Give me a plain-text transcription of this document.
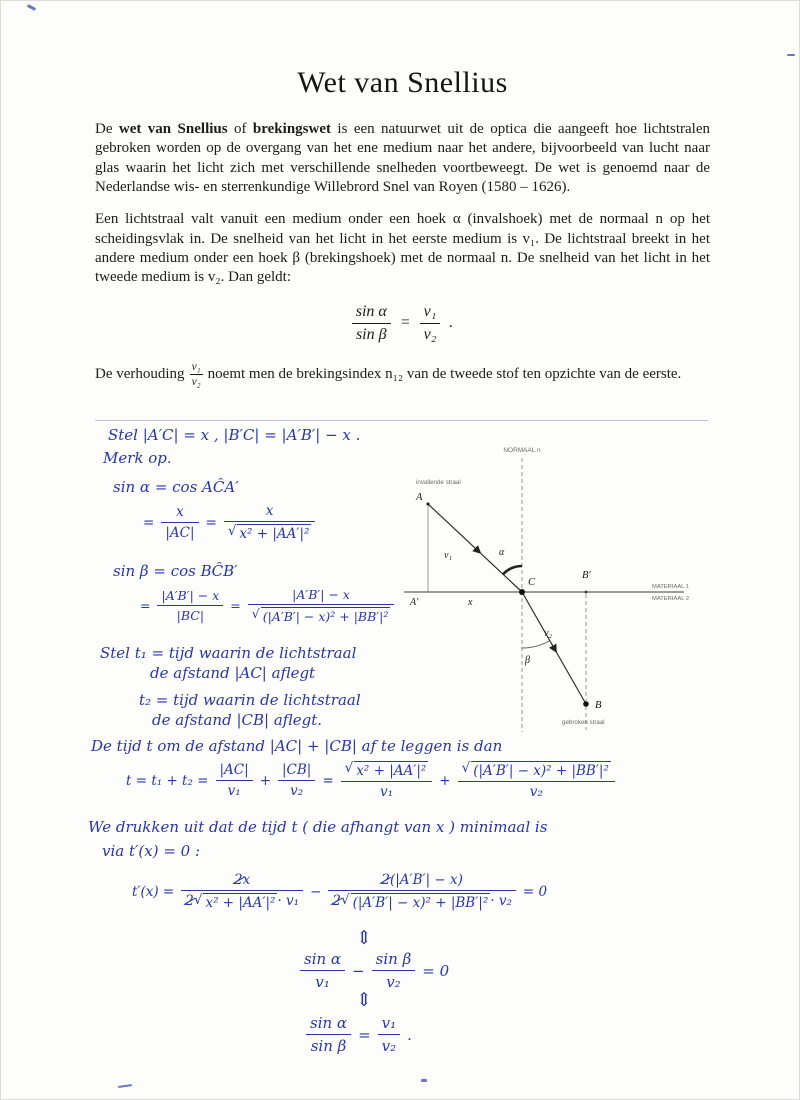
Wet van Snellius

De wet van Snellius of brekingswet is een natuurwet uit de optica die aangeeft hoe lichtstralen gebroken worden op de overgang van het ene medium naar het andere, bijvoorbeeld van lucht naar glas waarin het licht zich met verschillende snelheden voortbeweegt. De wet is genoemd naar de Nederlandse wis- en sterrenkundige Willebrord Snel van Royen (1580 – 1626).

Een lichtstraal valt vanuit een medium onder een hoek α (invalshoek) met de normaal n op het scheidingsvlak in. De snelheid van het licht in het eerste medium is v₁. De lichtstraal breekt in het andere medium onder een hoek β (brekingshoek) met de normaal n. De snelheid van het licht in het tweede medium is v₂. Dan geldt:

$\frac{\text{sin α}}{\text{sin β}} = \frac{\text{v₁}}{\text{v₂}}$ .
De verhouding $\frac{\text{v₁}}{\text{v₂}}$ noemt men de brekingsindex n₁₂ van de tweede stof ten opzichte van de eerste.
Stel |A′C| = x , |B′C| = |A′B′| − x .
Merk op.
sin α = cos AĈA′
= $\frac{x}{|AC|} = x$
√ x² + |AA′|²
sin β = cos BĈB′
= $\frac{|A'B'| - x}{|BC|} = |A'B'| - x$
√ (|A′B′| − x)² + |BB′|²
Stel t₁ = tijd waarin de lichtstraal
de afstand |AC| aflegt
t₂ = tijd waarin de lichtstraal
de afstand |CB| aflegt.
De tijd t om de afstand |AC| + |CB| af te leggen is dan
$t = t_1 + t_2 = \frac{|AC|}{\text{v₁}} + \frac{|CB|}{\text{v₂}}$ = √ $\frac{\text{x² + |AA′|²}}{\text{v₁}}$ + √ $\frac{\text{(|A′B′| − x)² + |BB′|²}}{\text{v₂}}$
We drukken uit dat de tijd t ( die afhangt van x ) minimaal is
via t′(x) = 0 :
$t'(x) = \frac{2 x}{\text{2 √ x² + |AA′|² · v₁}} - \frac{2 (|A'B'| - x)}{\text{2 √ (|A′B′| − x)² + |BB′|² · v₂}} = 0$
⇕
$\frac{\text{sin α}}{\text{v₁}} - \frac{\text{sin β}}{\text{v₂}} = 0$
⇕
$\frac{\text{sin α}}{\text{sin β}} = \frac{\text{v₁}}{\text{v₂}}$ .
NORMAAL n
MATERIAAL 1
MATERIAAL 2
invallende straal
gebroken straal
A
A′
C
B′
B
v₁
v₂
α
β
x
